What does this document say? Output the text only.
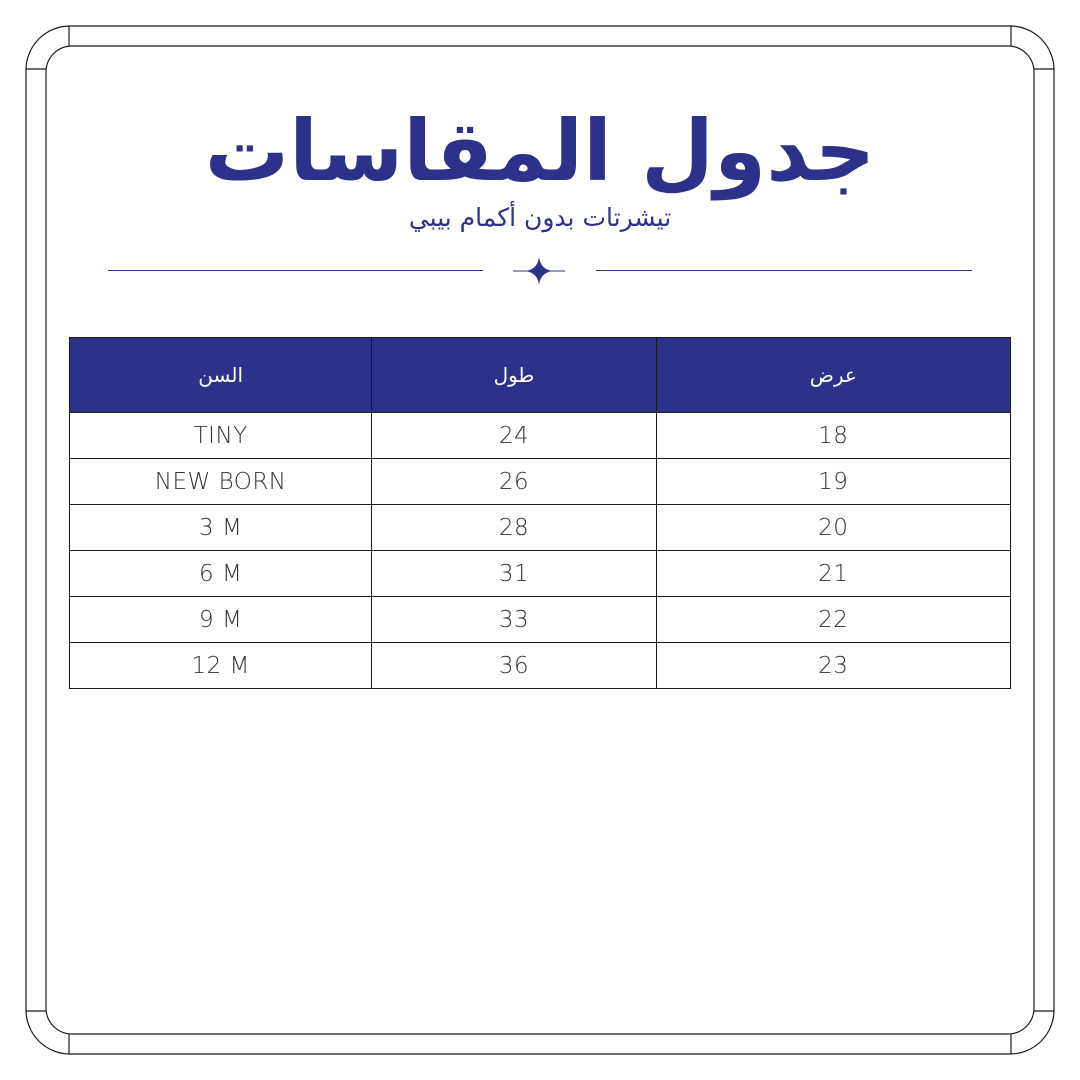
جدول المقاسات
تيشرتات بدون أكمام بيبي
السن	طول	عرض
TINY	24	18
NEW BORN	26	19
3 M	28	20
6 M	31	21
9 M	33	22
12 M	36	23
